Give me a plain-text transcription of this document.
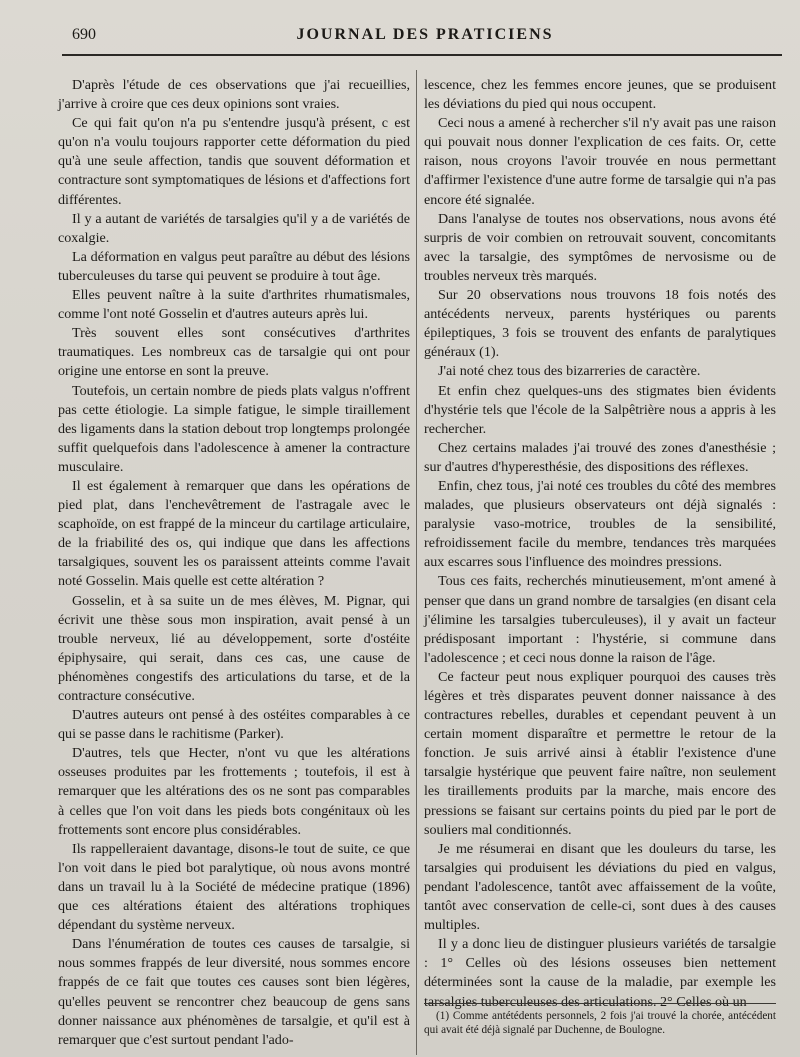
690	JOURNAL DES PRATICIENS

D'après l'étude de ces observations que j'ai recueillies, j'arrive à croire que ces deux opinions sont vraies.

Ce qui fait qu'on n'a pu s'entendre jusqu'à présent, c est qu'on n'a voulu toujours rapporter cette déformation du pied qu'à une seule affection, tandis que souvent déformation et contracture sont symptomatiques de lésions et d'affections fort différentes.

Il y a autant de variétés de tarsalgies qu'il y a de variétés de coxalgie.

La déformation en valgus peut paraître au début des lésions tuberculeuses du tarse qui peuvent se produire à tout âge.

Elles peuvent naître à la suite d'arthrites rhumatismales, comme l'ont noté Gosselin et d'autres auteurs après lui.

Très souvent elles sont consécutives d'arthrites traumatiques. Les nombreux cas de tarsalgie qui ont pour origine une entorse en sont la preuve.

Toutefois, un certain nombre de pieds plats valgus n'offrent pas cette étiologie. La simple fatigue, le simple tiraillement des ligaments dans la station debout trop longtemps prolongée suffit quelquefois dans l'adolescence à amener la contracture musculaire.

Il est également à remarquer que dans les opérations de pied plat, dans l'enchevêtrement de l'astragale avec le scaphoïde, on est frappé de la minceur du cartilage articulaire, de la friabilité des os, qui indique que dans les affections tarsalgiques, souvent les os paraissent atteints comme l'avait noté Gosselin. Mais quelle est cette altération ?

Gosselin, et à sa suite un de mes élèves, M. Pignar, qui écrivit une thèse sous mon inspiration, avait pensé à un trouble nerveux, lié au développement, sorte d'ostéite épiphysaire, qui serait, dans ces cas, une cause de phénomènes congestifs des articulations du tarse, et de la contracture consécutive.

D'autres auteurs ont pensé à des ostéites comparables à ce qui se passe dans le rachitisme (Parker).

D'autres, tels que Hecter, n'ont vu que les altérations osseuses produites par les frottements ; toutefois, il est à remarquer que les altérations des os ne sont pas comparables à celles que l'on voit dans les pieds bots congénitaux où les frottements sont encore plus considérables.

Ils rappelleraient davantage, disons-le tout de suite, ce que l'on voit dans le pied bot paralytique, où nous avons montré dans un travail lu à la Société de médecine pratique (1896) que ces altérations étaient des altérations trophiques dépendant du système nerveux.

Dans l'énumération de toutes ces causes de tarsalgie, si nous sommes frappés de leur diversité, nous sommes encore frappés de ce fait que toutes ces causes sont bien légères, qu'elles peuvent se rencontrer chez beaucoup de gens sans donner naissance aux phénomènes de tarsalgie, et qu'il est à remarquer que c'est surtout pendant l'ado-

lescence, chez les femmes encore jeunes, que se produisent les déviations du pied qui nous occupent.

Ceci nous a amené à rechercher s'il n'y avait pas une raison qui pouvait nous donner l'explication de ces faits. Or, cette raison, nous croyons l'avoir trouvée en nous permettant d'affirmer l'existence d'une autre forme de tarsalgie qui n'a pas encore été signalée.

Dans l'analyse de toutes nos observations, nous avons été surpris de voir combien on retrouvait souvent, concomitants avec la tarsalgie, des symptômes de nervosisme ou de troubles nerveux très marqués.

Sur 20 observations nous trouvons 18 fois notés des antécédents nerveux, parents hystériques ou parents épileptiques, 3 fois se trouvent des enfants de paralytiques généraux (1).

J'ai noté chez tous des bizarreries de caractère.

Et enfin chez quelques-uns des stigmates bien évidents d'hystérie tels que l'école de la Salpêtrière nous a appris à les rechercher.

Chez certains malades j'ai trouvé des zones d'anesthésie ; sur d'autres d'hyperesthésie, des dispositions des réflexes.

Enfin, chez tous, j'ai noté ces troubles du côté des membres malades, que plusieurs observateurs ont déjà signalés : paralysie vaso-motrice, troubles de la sensibilité, refroidissement facile du membre, tendances très marquées aux escarres sous l'influence des moindres pressions.

Tous ces faits, recherchés minutieusement, m'ont amené à penser que dans un grand nombre de tarsalgies (en disant cela j'élimine les tarsalgies tuberculeuses), il y avait un facteur prédisposant important : l'hystérie, si commune dans l'adolescence ; et ceci nous donne la raison de l'âge.

Ce facteur peut nous expliquer pourquoi des causes très légères et très disparates peuvent donner naissance à des contractures rebelles, durables et cependant peuvent à un certain moment disparaître et permettre le retour de la fonction. Je suis arrivé ainsi à établir l'existence d'une tarsalgie hystérique que peuvent faire naître, non seulement les tiraillements produits par la marche, mais encore des pressions se faisant sur certains points du pied par le port de souliers mal conditionnés.

Je me résumerai en disant que les douleurs du tarse, les tarsalgies qui produisent les déviations du pied en valgus, pendant l'adolescence, tantôt avec affaissement de la voûte, tantôt avec conservation de celle-ci, sont dues à des causes multiples.

Il y a donc lieu de distinguer plusieurs variétés de tarsalgie : 1° Celles où des lésions osseuses bien nettement déterminées sont la cause de la maladie, par exemple les tarsalgies tuberculeuses des articulations. 2° Celles où un

(1) Comme antétédents personnels, 2 fois j'ai trouvé la chorée, antécédent qui avait été déjà signalé par Duchenne, de Boulogne.
